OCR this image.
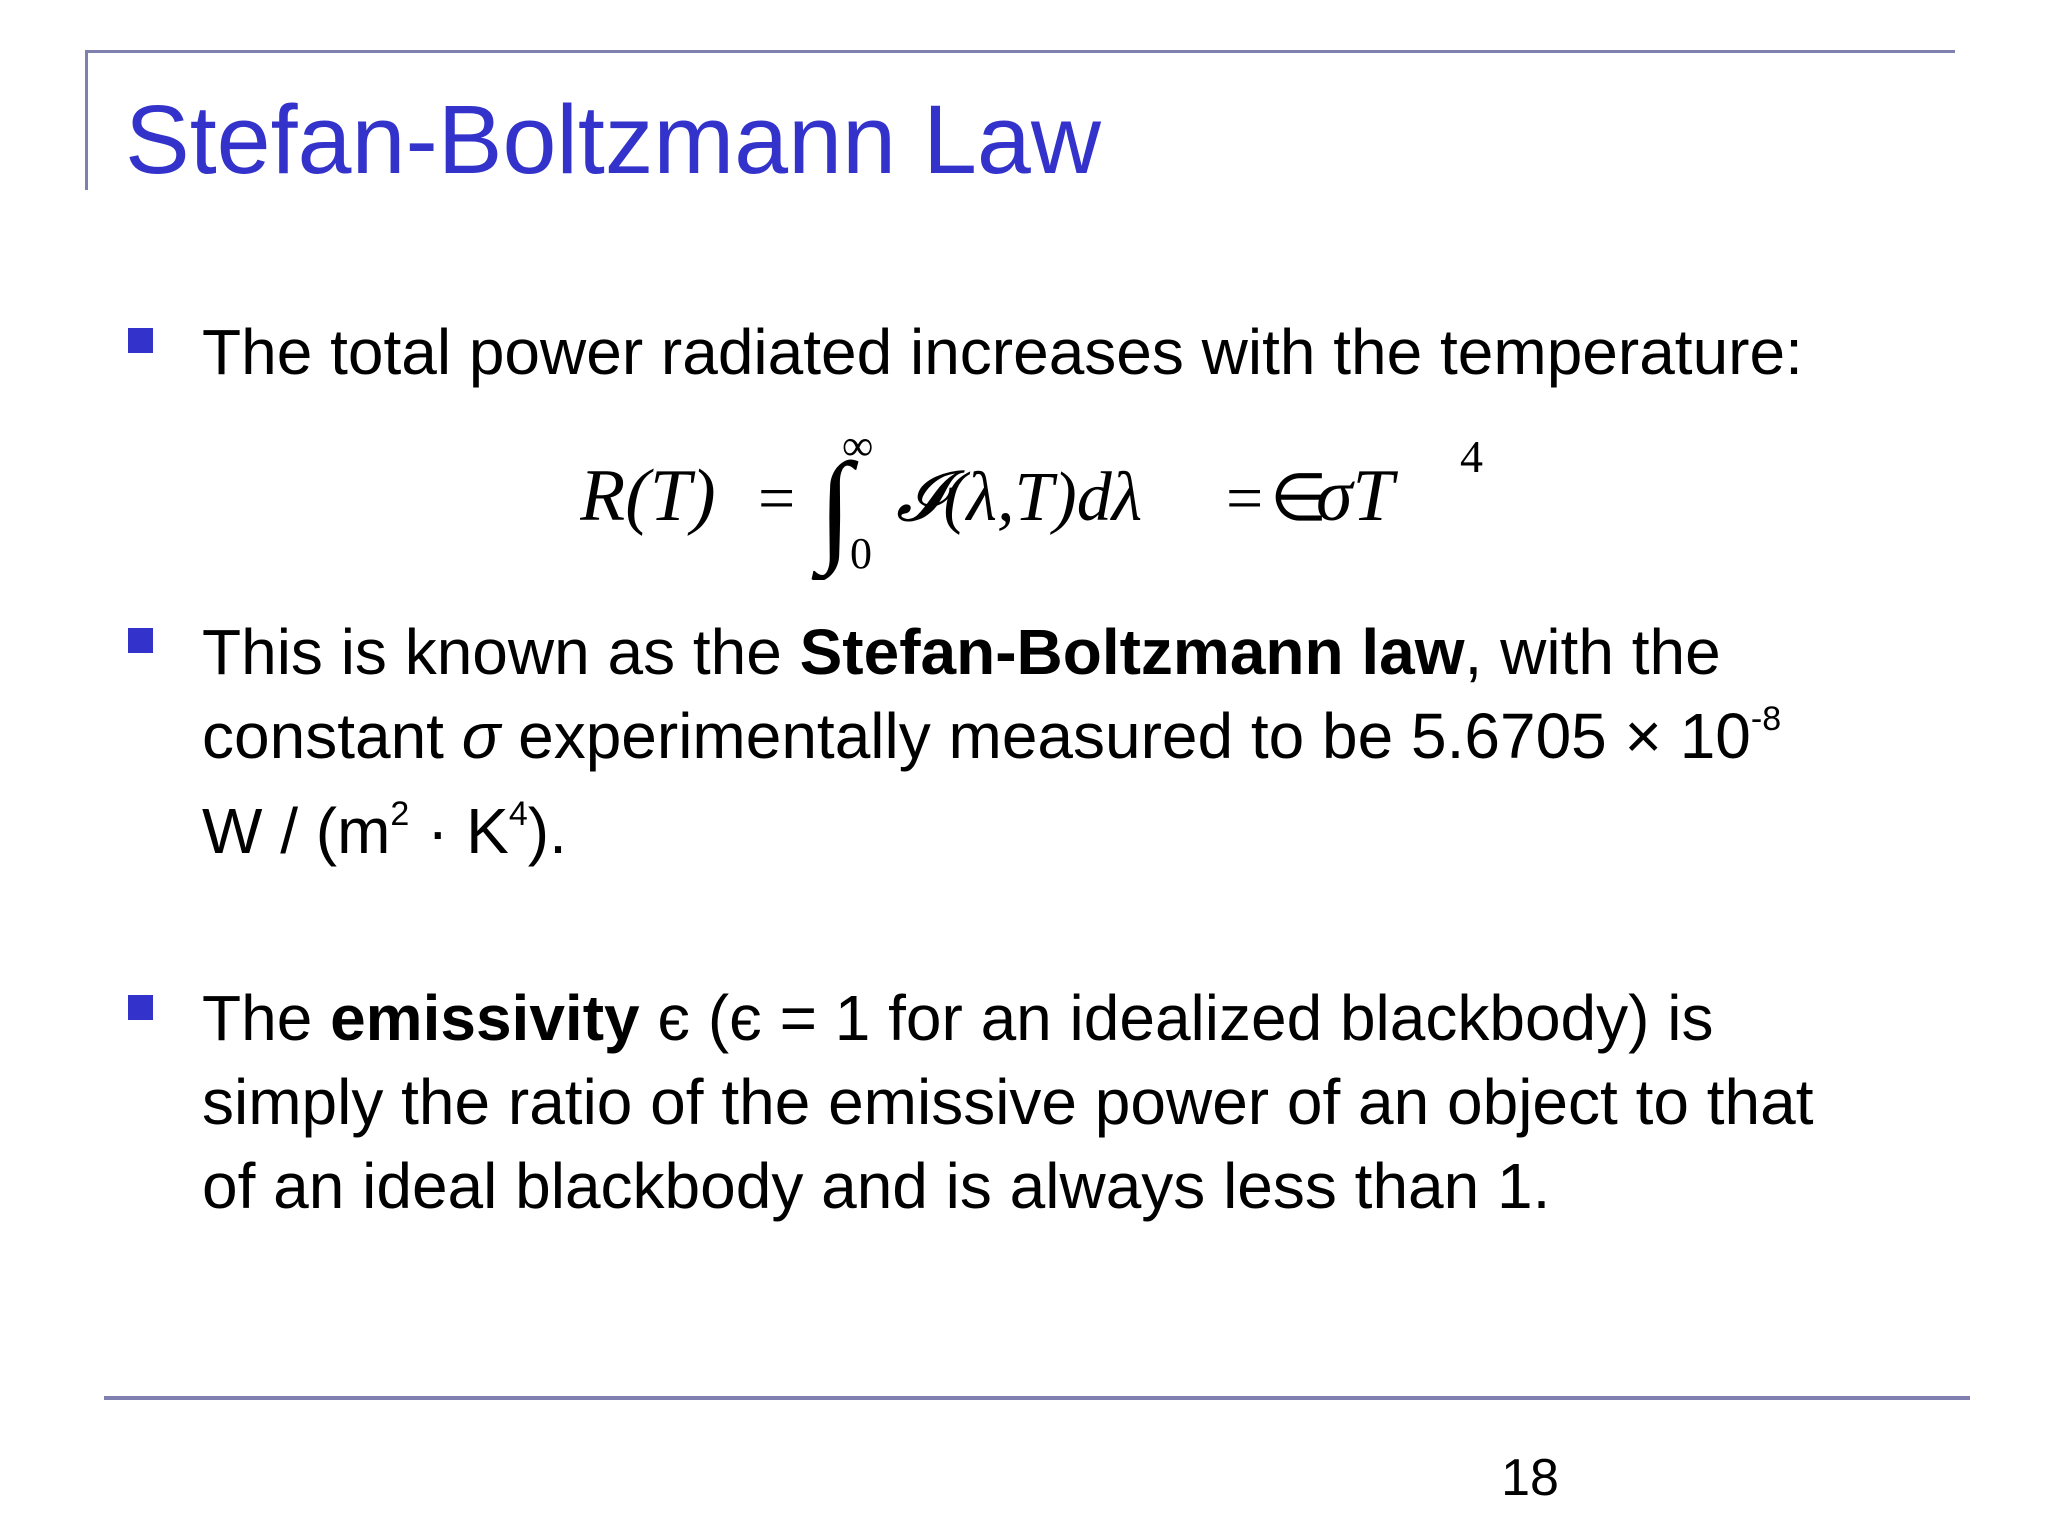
Stefan-Boltzmann Law
The total power radiated increases with the temperature:
R(T) = ∫
∞
0
𝓘(λ,T)dλ = ∈
σT 4
This is known as the Stefan-Boltzmann law, with the
constant σ experimentally measured to be $5.6705 \times 10^{-8}$
$W / (m^2 \cdot K^4)$.
The emissivity є (є = 1 for an idealized blackbody) is
simply the ratio of the emissive power of an object to that
of an ideal blackbody and is always less than 1.
18
